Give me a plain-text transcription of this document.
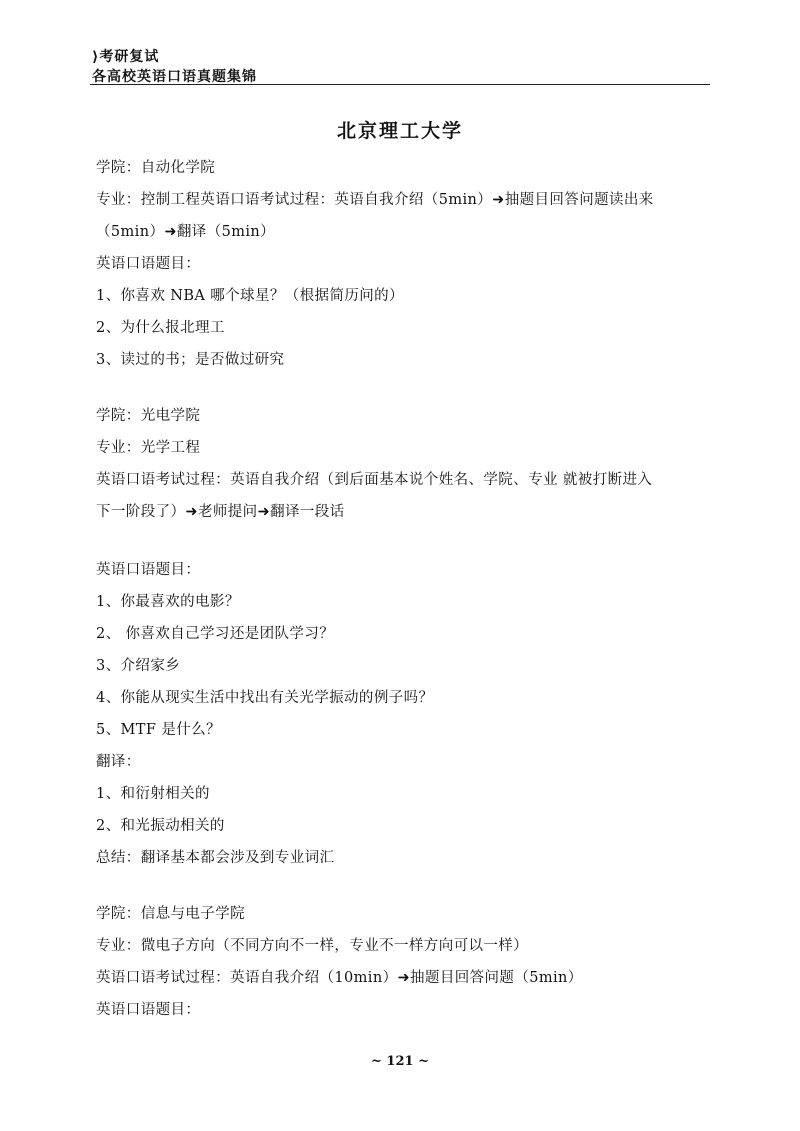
⟩考研复试
各高校英语口语真题集锦
北京理工大学
学院：自动化学院
专业：控制工程英语口语考试过程：英语自我介绍（5min）➜抽题目回答问题读出来
（5min）➜翻译（5min）
英语口语题目：
1、你喜欢 NBA 哪个球星？（根据简历问的）
2、为什么报北理工
3、读过的书；是否做过研究
学院：光电学院
专业：光学工程
英语口语考试过程：英语自我介绍（到后面基本说个姓名、学院、专业 就被打断进入
下一阶段了）➜老师提问➜翻译一段话
英语口语题目：
1、你最喜欢的电影？
2、 你喜欢自己学习还是团队学习？
3、介绍家乡
4、你能从现实生活中找出有关光学振动的例子吗？
5、MTF 是什么？
翻译：
1、和衍射相关的
2、和光振动相关的
总结：翻译基本都会涉及到专业词汇
学院：信息与电子学院
专业：微电子方向（不同方向不一样，专业不一样方向可以一样）
英语口语考试过程：英语自我介绍（10min）➜抽题目回答问题（5min）
英语口语题目：
~ 121 ~
